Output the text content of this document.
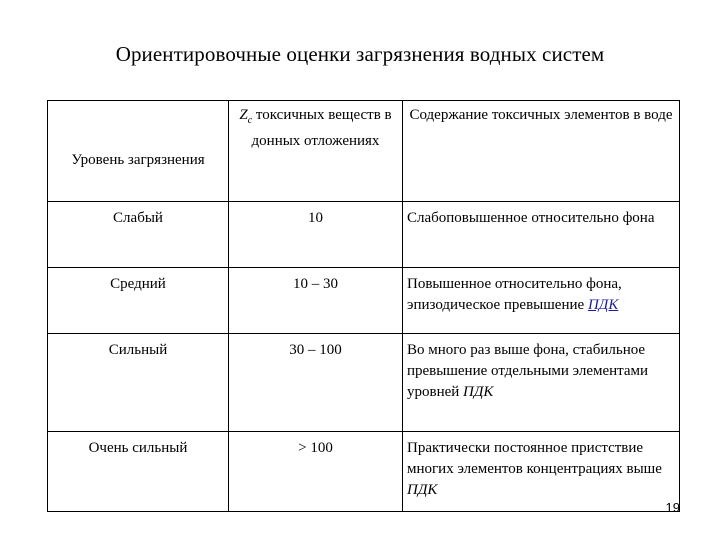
Ориентировочные оценки загрязнения водных систем
Уровень загрязнения	$Z_c$ токсичных веществ в донных отложениях	Содержание токсичных элементов в воде
Слабый	10	Слабоповышенное относительно фона
Средний	10 – 30	Повышенное относительно фона, эпизодическое превышение ПДК
Сильный	30 – 100	Во много раз выше фона, стабильное превышение отдельными элементами уровней ПДК
Очень сильный	> 100	Практически постоянное пристствие многих элементов концентрациях выше ПДК
19
